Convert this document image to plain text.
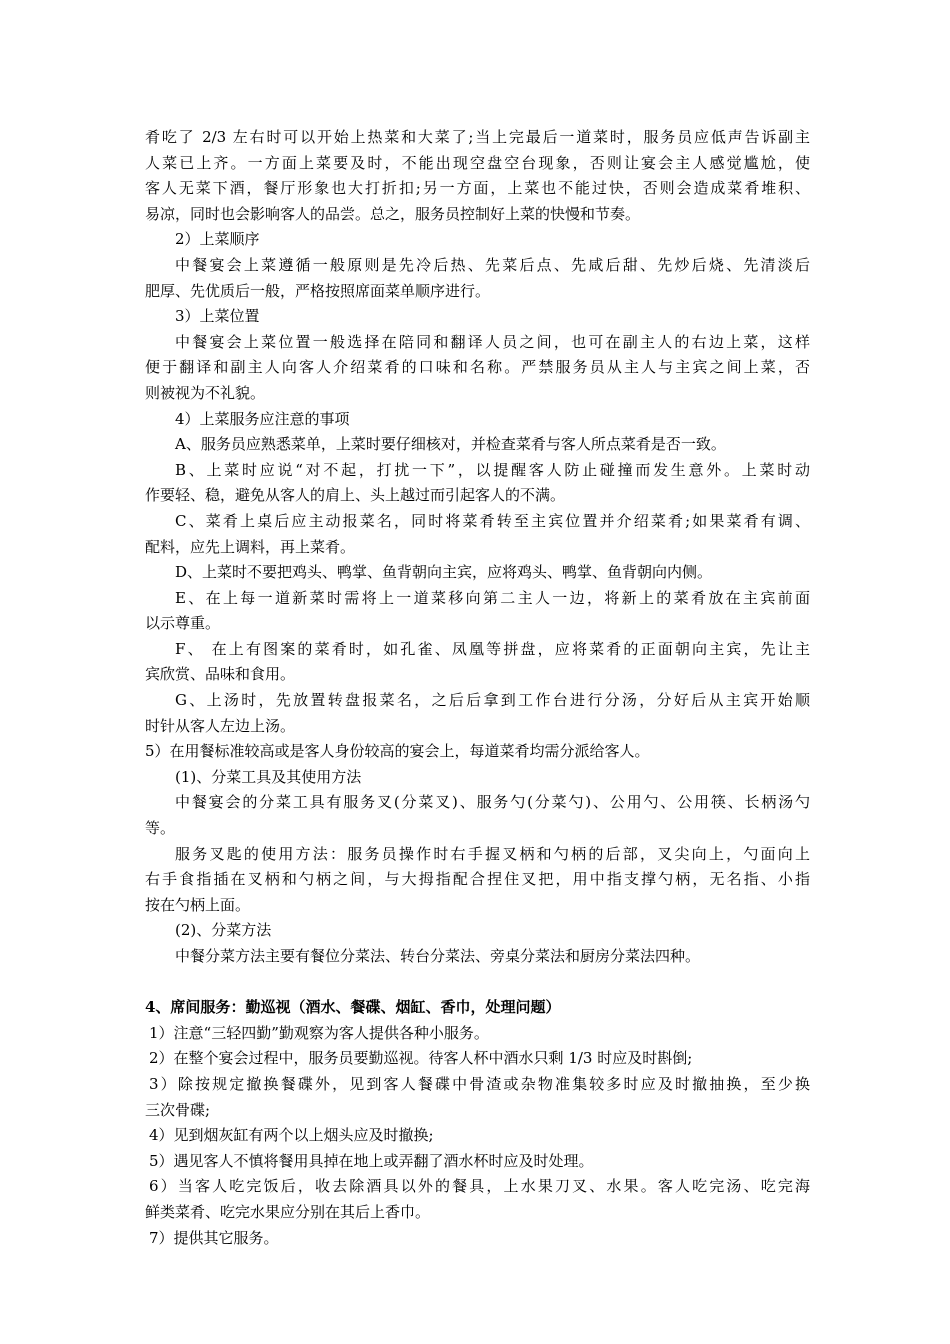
肴吃了 2/3 左右时可以开始上热菜和大菜了;当上完最后一道菜时，服务员应低声告诉副主
人菜已上齐。一方面上菜要及时，不能出现空盘空台现象，否则让宴会主人感觉尴尬，使
客人无菜下酒，餐厅形象也大打折扣;另一方面，上菜也不能过快，否则会造成菜肴堆积、
易凉，同时也会影响客人的品尝。总之，服务员控制好上菜的快慢和节奏。
2）上菜顺序
中餐宴会上菜遵循一般原则是先冷后热、先菜后点、先咸后甜、先炒后烧、先清淡后
肥厚、先优质后一般，严格按照席面菜单顺序进行。
3）上菜位置
中餐宴会上菜位置一般选择在陪同和翻译人员之间，也可在副主人的右边上菜，这样
便于翻译和副主人向客人介绍菜肴的口味和名称。严禁服务员从主人与主宾之间上菜，否
则被视为不礼貌。
4）上菜服务应注意的事项
A、服务员应熟悉菜单，上菜时要仔细核对，并检查菜肴与客人所点菜肴是否一致。
B、上菜时应说“对不起，打扰一下”，以提醒客人防止碰撞而发生意外。上菜时动
作要轻、稳，避免从客人的肩上、头上越过而引起客人的不满。
C、菜肴上桌后应主动报菜名，同时将菜肴转至主宾位置并介绍菜肴;如果菜肴有调、
配料，应先上调料，再上菜肴。
D、上菜时不要把鸡头、鸭掌、鱼背朝向主宾，应将鸡头、鸭掌、鱼背朝向内侧。
E、在上每一道新菜时需将上一道菜移向第二主人一边，将新上的菜肴放在主宾前面
以示尊重。
F、 在上有图案的菜肴时，如孔雀、凤凰等拼盘，应将菜肴的正面朝向主宾，先让主
宾欣赏、品味和食用。
G、上汤时，先放置转盘报菜名，之后后拿到工作台进行分汤，分好后从主宾开始顺
时针从客人左边上汤。
5）在用餐标准较高或是客人身份较高的宴会上，每道菜肴均需分派给客人。
(1)、分菜工具及其使用方法
中餐宴会的分菜工具有服务叉(分菜叉)、服务勺(分菜勺)、公用勺、公用筷、长柄汤勺
等。
服务叉匙的使用方法：服务员操作时右手握叉柄和勺柄的后部，叉尖向上，勺面向上
右手食指插在叉柄和勺柄之间，与大拇指配合捏住叉把，用中指支撑勺柄，无名指、小指
按在勺柄上面。
(2)、分菜方法
中餐分菜方法主要有餐位分菜法、转台分菜法、旁桌分菜法和厨房分菜法四种。
4、席间服务：勤巡视（酒水、餐碟、烟缸、香巾，处理问题）
1）注意“三轻四勤”勤观察为客人提供各种小服务。
2）在整个宴会过程中，服务员要勤巡视。待客人杯中酒水只剩 1/3 时应及时斟倒;
3）除按规定撤换餐碟外，见到客人餐碟中骨渣或杂物准集较多时应及时撤抽换，至少换
三次骨碟;
4）见到烟灰缸有两个以上烟头应及时撤换;
5）遇见客人不慎将餐用具掉在地上或弄翻了酒水杯时应及时处理。
6）当客人吃完饭后，收去除酒具以外的餐具，上水果刀叉、水果。客人吃完汤、吃完海
鲜类菜肴、吃完水果应分别在其后上香巾。
7）提供其它服务。
